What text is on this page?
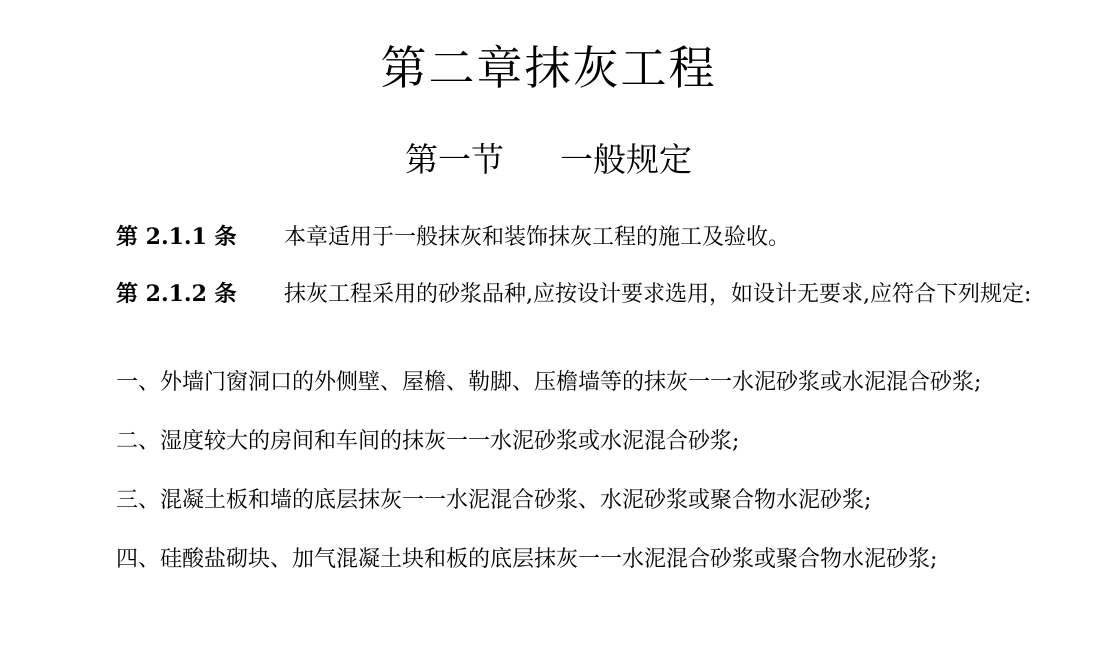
第二章抹灰工程
第一节 一般规定
第 2.1.1 条 本章适用于一般抹灰和装饰抹灰工程的施工及验收。
第 2.1.2 条 抹灰工程采用的砂浆品种,应按设计要求选用，如设计无要求,应符合下列规定:
一、外墙门窗洞口的外侧壁、屋檐、勒脚、压檐墙等的抹灰一一水泥砂浆或水泥混合砂浆;
二、湿度较大的房间和车间的抹灰一一水泥砂浆或水泥混合砂浆;
三、混凝土板和墙的底层抹灰一一水泥混合砂浆、水泥砂浆或聚合物水泥砂浆;
四、硅酸盐砌块、加气混凝土块和板的底层抹灰一一水泥混合砂浆或聚合物水泥砂浆;
